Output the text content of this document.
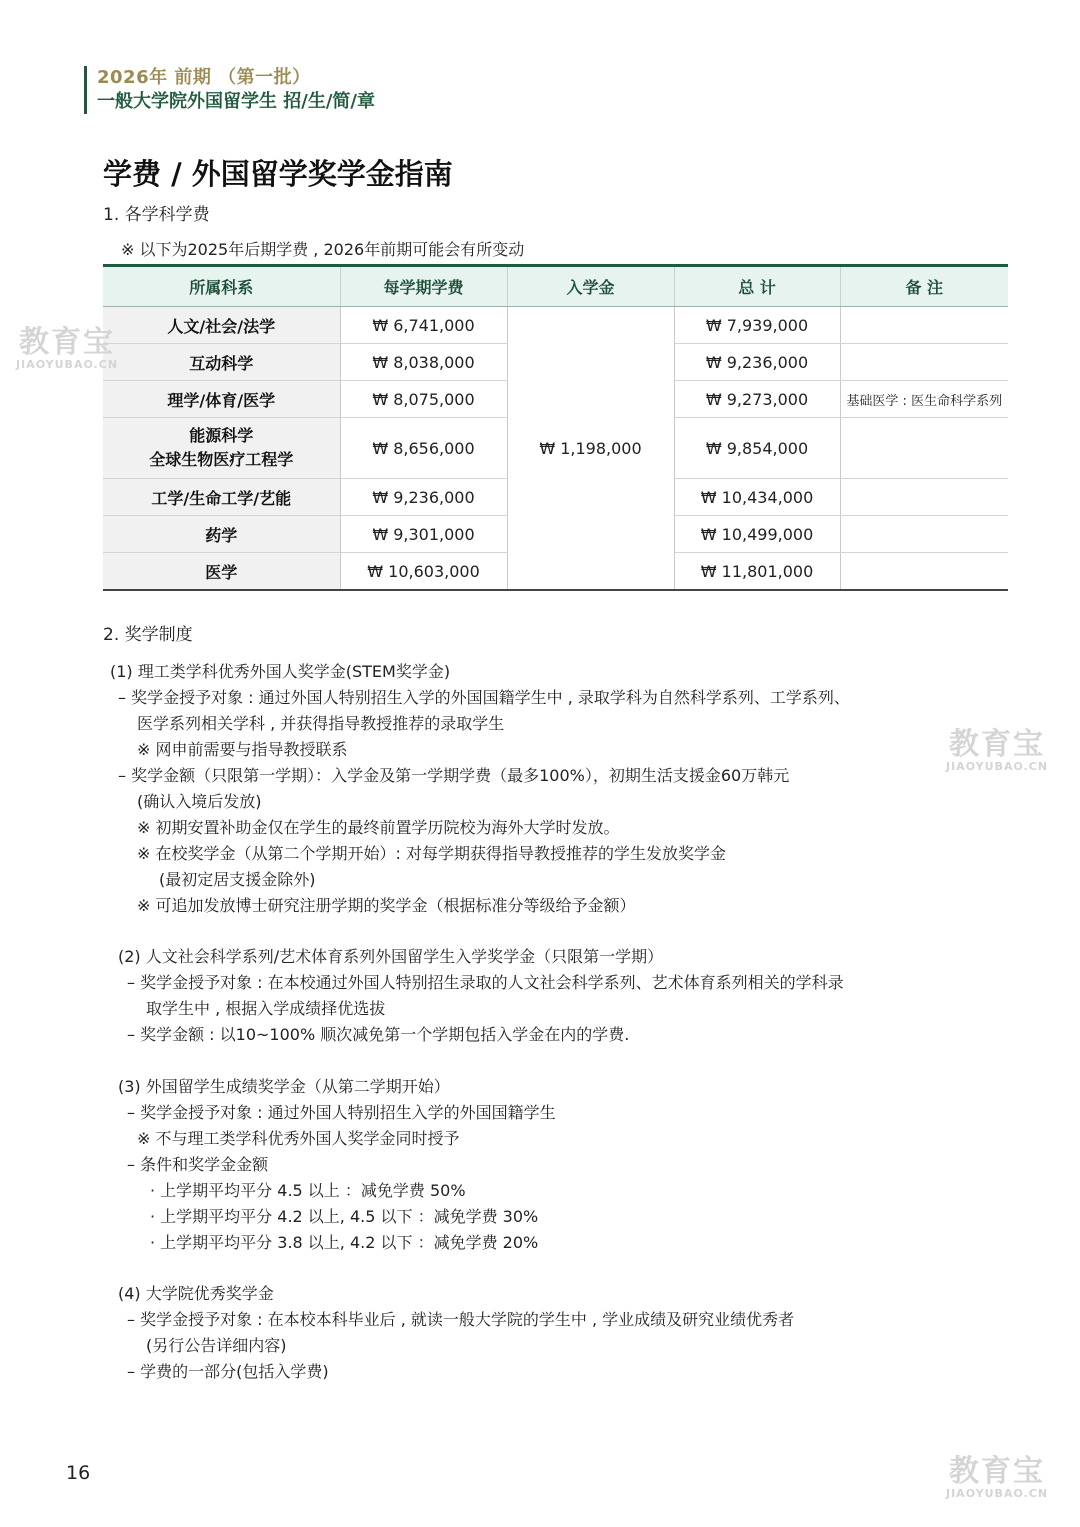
2026年 前期 （第一批）
一般大学院外国留学生 招/生/简/章
学费 / 外国留学奖学金指南
1. 各学科学费
※ 以下为2025年后期学费 , 2026年前期可能会有所变动
所属科系	每学期学费	入学金	总 计	备 注
人文/社会/法学	₩ 6,741,000	₩ 1,198,000	₩ 7,939,000	
互动科学	₩ 8,038,000		₩ 9,236,000	
理学/体育/医学	₩ 8,075,000		₩ 9,273,000	基础医学 : 医生命科学系列

能源科学
全球生物医疗工程学	₩ 8,656,000		₩ 9,854,000	
工学/生命工学/艺能	₩ 9,236,000		₩ 10,434,000	
药学	₩ 9,301,000		₩ 10,499,000	
医学	₩ 10,603,000		₩ 11,801,000	
2. 奖学制度
(1) 理工类学科优秀外国人奖学金(STEM奖学金)
– 奖学金授予对象 : 通过外国人特别招生入学的外国国籍学生中 , 录取学科为自然科学系列、工学系列、
医学系列相关学科 , 并获得指导教授推荐的录取学生
※ 网申前需要与指导教授联系
– 奖学金额（只限第一学期）：入学金及第一学期学费（最多100%），初期生活支援金60万韩元
(确认入境后发放)
※ 初期安置补助金仅在学生的最终前置学历院校为海外大学时发放。
※ 在校奖学金（从第二个学期开始）: 对每学期获得指导教授推荐的学生发放奖学金
(最初定居支援金除外)
※ 可追加发放博士研究注册学期的奖学金（根据标准分等级给予金额）
(2) 人文社会科学系列/艺术体育系列外国留学生入学奖学金（只限第一学期）
– 奖学金授予对象 : 在本校通过外国人特别招生录取的人文社会科学系列、艺术体育系列相关的学科录
取学生中 , 根据入学成绩择优选拔
– 奖学金额 : 以10~100% 顺次减免第一个学期包括入学金在内的学费.
(3) 外国留学生成绩奖学金（从第二学期开始）
– 奖学金授予对象 : 通过外国人特别招生入学的外国国籍学生
※ 不与理工类学科优秀外国人奖学金同时授予
– 条件和奖学金金额
· 上学期平均平分 4.5 以上 ：减免学费 50%
· 上学期平均平分 4.2 以上, 4.5 以下 ：减免学费 30%
· 上学期平均平分 3.8 以上, 4.2 以下 ：减免学费 20%
(4) 大学院优秀奖学金
– 奖学金授予对象 : 在本校本科毕业后 , 就读一般大学院的学生中 , 学业成绩及研究业绩优秀者
(另行公告详细内容)
– 学费的一部分(包括入学费)
16
教育宝
JIAOYUBAO.CN
教育宝
JIAOYUBAO.CN
教育宝
JIAOYUBAO.CN
